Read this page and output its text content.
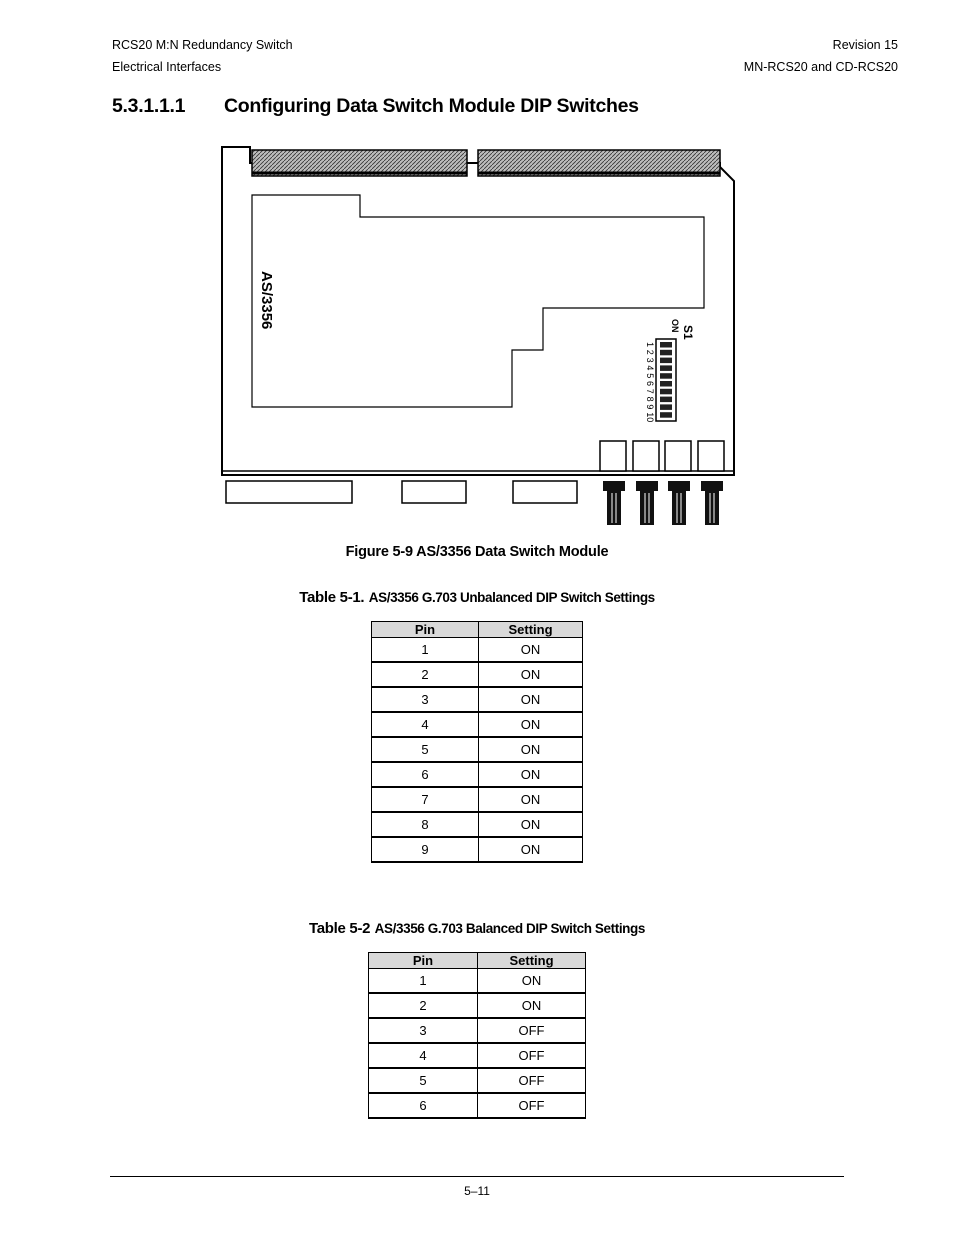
RCS20 M:N Redundancy Switch
Electrical Interfaces
Revision 15
MN-RCS20 and CD-RCS20
5.3.1.1.1 Configuring Data Switch Module DIP Switches
AS/3356
S1
ON
1
2
3
4
5
6
7
8
9
10
Figure 5-9 AS/3356 Data Switch Module
Table 5-1. AS/3356 G.703 Unbalanced DIP Switch Settings
Pin	Setting
1	ON
2	ON
3	ON
4	ON
5	ON
6	ON
7	ON
8	ON
9	ON
Table 5-2 AS/3356 G.703 Balanced DIP Switch Settings
Pin	Setting
1	ON
2	ON
3	OFF
4	OFF
5	OFF
6	OFF
5–11
